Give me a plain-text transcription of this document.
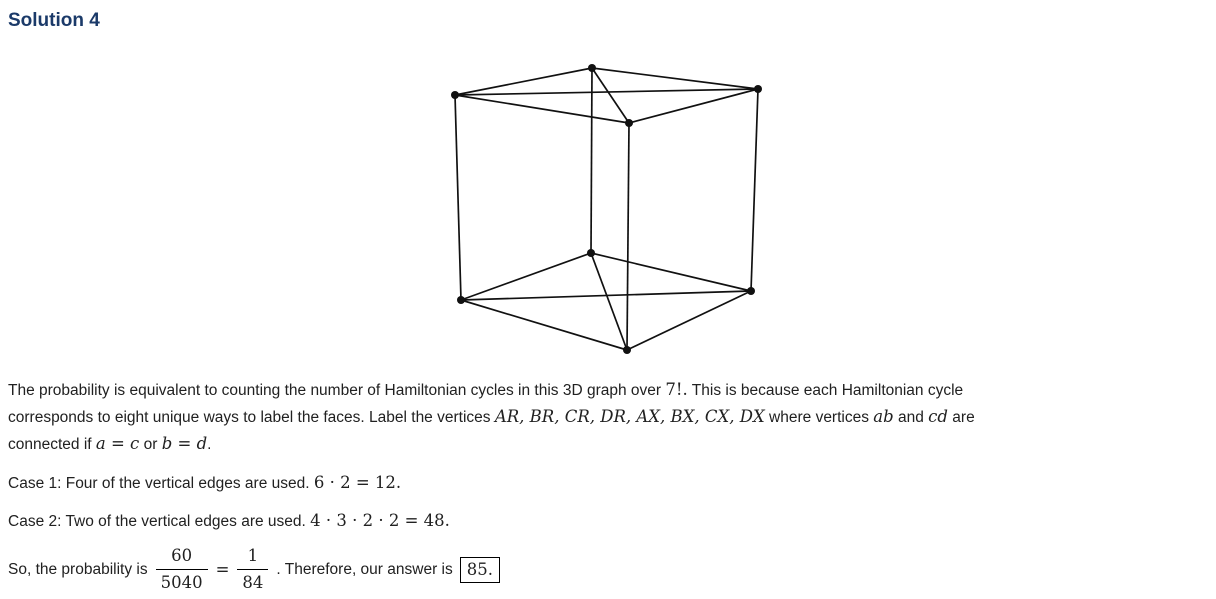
Solution 4

The probability is equivalent to counting the number of Hamiltonian cycles in this 3D graph over 7!. This is because each Hamiltonian cycle
corresponds to eight unique ways to label the faces. Label the vertices AR, BR, CR, DR, AX, BX, CX, DX where vertices ab and cd are
connected if a = c or b = d.

Case 1: Four of the vertical edges are used. 6 · 2 = 12.

Case 2: Two of the vertical edges are used. 4 · 3 · 2 · 2 = 48.

So, the probability is $\frac{60}{5040} = \frac{1}{84}$ . Therefore, our answer is 85.
